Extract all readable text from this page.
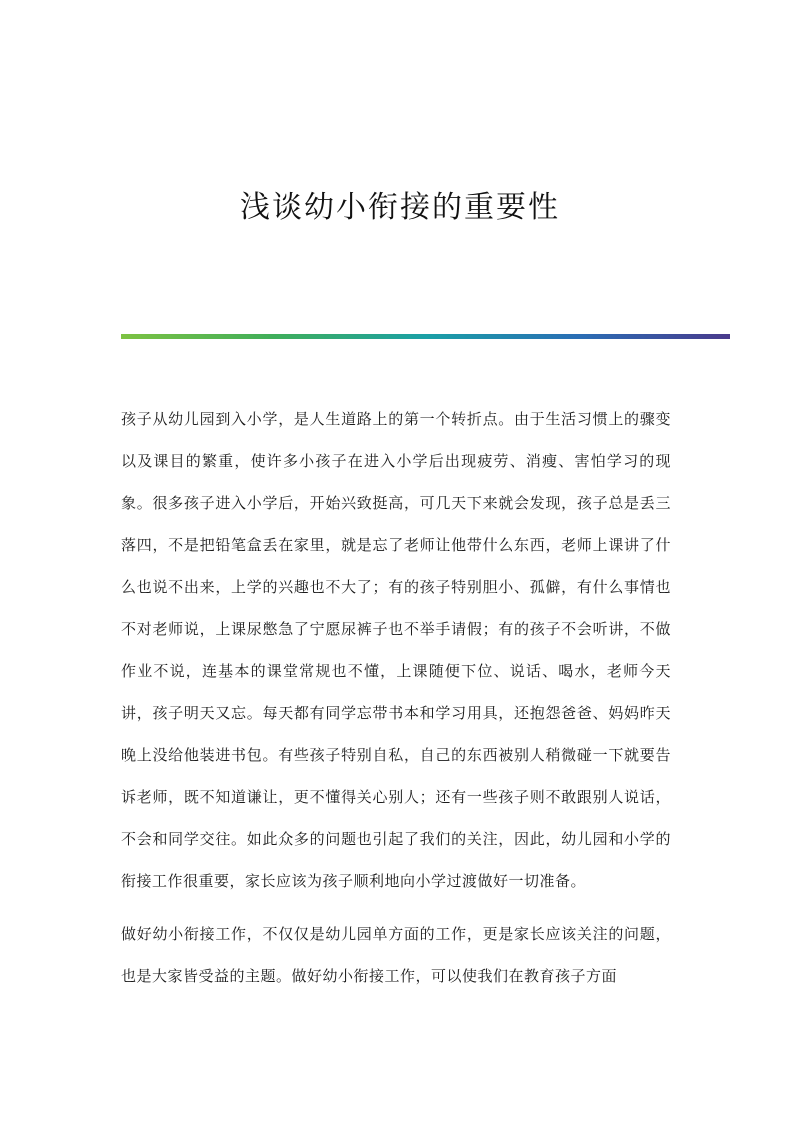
浅谈幼小衔接的重要性

孩子从幼儿园到入小学，是人生道路上的第一个转折点。由于生活习惯上的骤变以及课目的繁重，使许多小孩子在进入小学后出现疲劳、消瘦、害怕学习的现象。很多孩子进入小学后，开始兴致挺高，可几天下来就会发现，孩子总是丢三落四，不是把铅笔盒丢在家里，就是忘了老师让他带什么东西，老师上课讲了什么也说不出来，上学的兴趣也不大了；有的孩子特别胆小、孤僻，有什么事情也不对老师说，上课尿憋急了宁愿尿裤子也不举手请假；有的孩子不会听讲，不做作业不说，连基本的课堂常规也不懂，上课随便下位、说话、喝水，老师今天讲，孩子明天又忘。每天都有同学忘带书本和学习用具，还抱怨爸爸、妈妈昨天晚上没给他装进书包。有些孩子特别自私，自己的东西被别人稍微碰一下就要告诉老师，既不知道谦让，更不懂得关心别人；还有一些孩子则不敢跟别人说话，不会和同学交往。如此众多的问题也引起了我们的关注，因此，幼儿园和小学的衔接工作很重要，家长应该为孩子顺利地向小学过渡做好一切准备。

做好幼小衔接工作，不仅仅是幼儿园单方面的工作，更是家长应该关注的问题，也是大家皆受益的主题。做好幼小衔接工作，可以使我们在教育孩子方面
